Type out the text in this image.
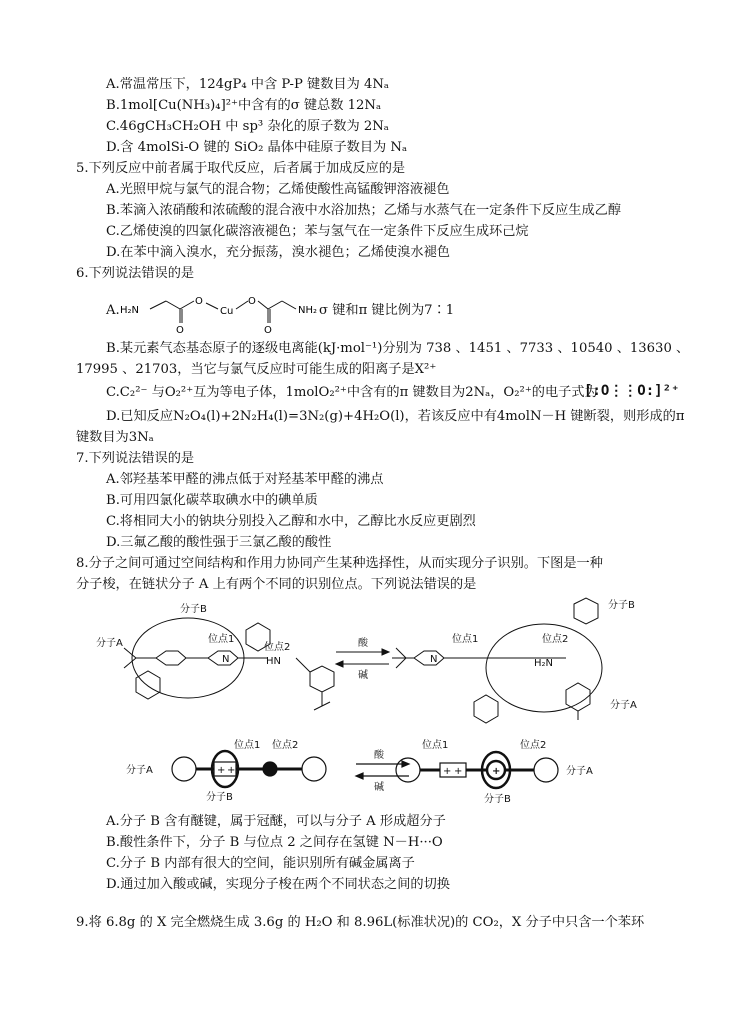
A.常温常压下，124gP₄ 中含 P-P 键数目为 4Nₐ
B.1mol[Cu(NH₃)₄]²⁺中含有的σ 键总数 12Nₐ
C.46gCH₃CH₂OH 中 sp³ 杂化的原子数为 2Nₐ
D.含 4molSi-O 键的 SiO₂ 晶体中硅原子数目为 Nₐ
5.下列反应中前者属于取代反应，后者属于加成反应的是
A.光照甲烷与氯气的混合物；乙烯使酸性高锰酸钾溶液褪色
B.苯滴入浓硝酸和浓硫酸的混合液中水浴加热；乙烯与水蒸气在一定条件下反应生成乙醇
C.乙烯使溴的四氯化碳溶液褪色；苯与氢气在一定条件下反应生成环己烷
D.在苯中滴入溴水，充分振荡，溴水褪色；乙烯使溴水褪色
6.下列说法错误的是
A. H₂N
O
O
Cu
O
O
NH₂ σ 键和π 键比例为7∶1
B.某元素气态基态原子的逐级电离能(kJ·mol⁻¹)分别为 738 、1451 、7733 、10540 、13630 、
17995 、21703，当它与氯气反应时可能生成的阳离子是X²⁺
C.C₂²⁻ 与O₂²⁺互为等电子体，1molO₂²⁺中含有的π 键数目为2Nₐ，O₂²⁺的电子式为
[:O⋮⋮O:]²⁺
D.已知反应N₂O₄(l)+2N₂H₄(l)=3N₂(g)+4H₂O(l)，若该反应中有4molN－H 键断裂，则形成的π
键数目为3Nₐ
7.下列说法错误的是
A.邻羟基苯甲醛的沸点低于对羟基苯甲醛的沸点
B.可用四氯化碳萃取碘水中的碘单质
C.将相同大小的钠块分别投入乙醇和水中，乙醇比水反应更剧烈
D.三氟乙酸的酸性强于三氯乙酸的酸性
8.分子之间可通过空间结构和作用力协同产生某种选择性，从而实现分子识别。下图是一种
分子梭，在链状分子 A 上有两个不同的识别位点。下列说法错误的是
分子B
分子A	位点1
位点2
HN
N
酸
碱
位点1	位点2
H₂N
N
分子B
分子A
+ +	+ +	+
分子A
位点1 位点2
分子B
酸
碱
位点1	位点2
分子B
分子A
A.分子 B 含有醚键，属于冠醚，可以与分子 A 形成超分子
B.酸性条件下，分子 B 与位点 2 之间存在氢键 N－H···O
C.分子 B 内部有很大的空间，能识别所有碱金属离子
D.通过加入酸或碱，实现分子梭在两个不同状态之间的切换
9.将 6.8g 的 X 完全燃烧生成 3.6g 的 H₂O 和 8.96L(标准状况)的 CO₂，X 分子中只含一个苯环
